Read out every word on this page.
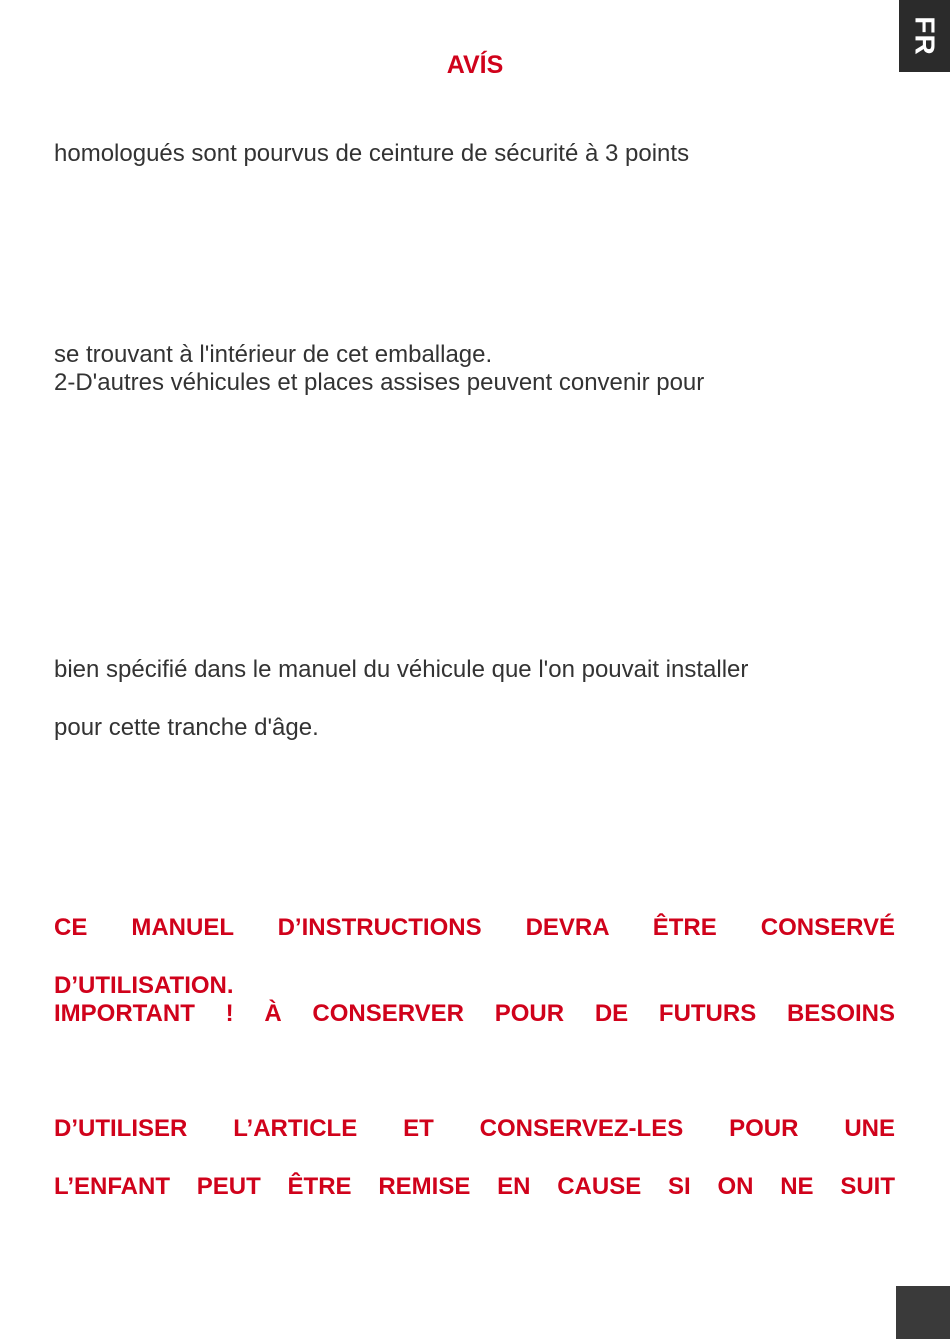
FR
AVÍS

homologués sont pourvus de ceinture de sécurité à 3 points

se trouvant à l'intérieur de cet emballage.

2-D'autres véhicules et places assises peuvent convenir pour

bien spécifié dans le manuel du véhicule que l'on pouvait installer

pour cette tranche d'âge.

CE MANUEL D’INSTRUCTIONS DEVRA ÊTRE CONSERVÉ

D’UTILISATION.

IMPORTANT ! À CONSERVER POUR DE FUTURS BESOINS

D’UTILISER L’ARTICLE ET CONSERVEZ-LES POUR UNE

L’ENFANT PEUT ÊTRE REMISE EN CAUSE SI ON NE SUIT
